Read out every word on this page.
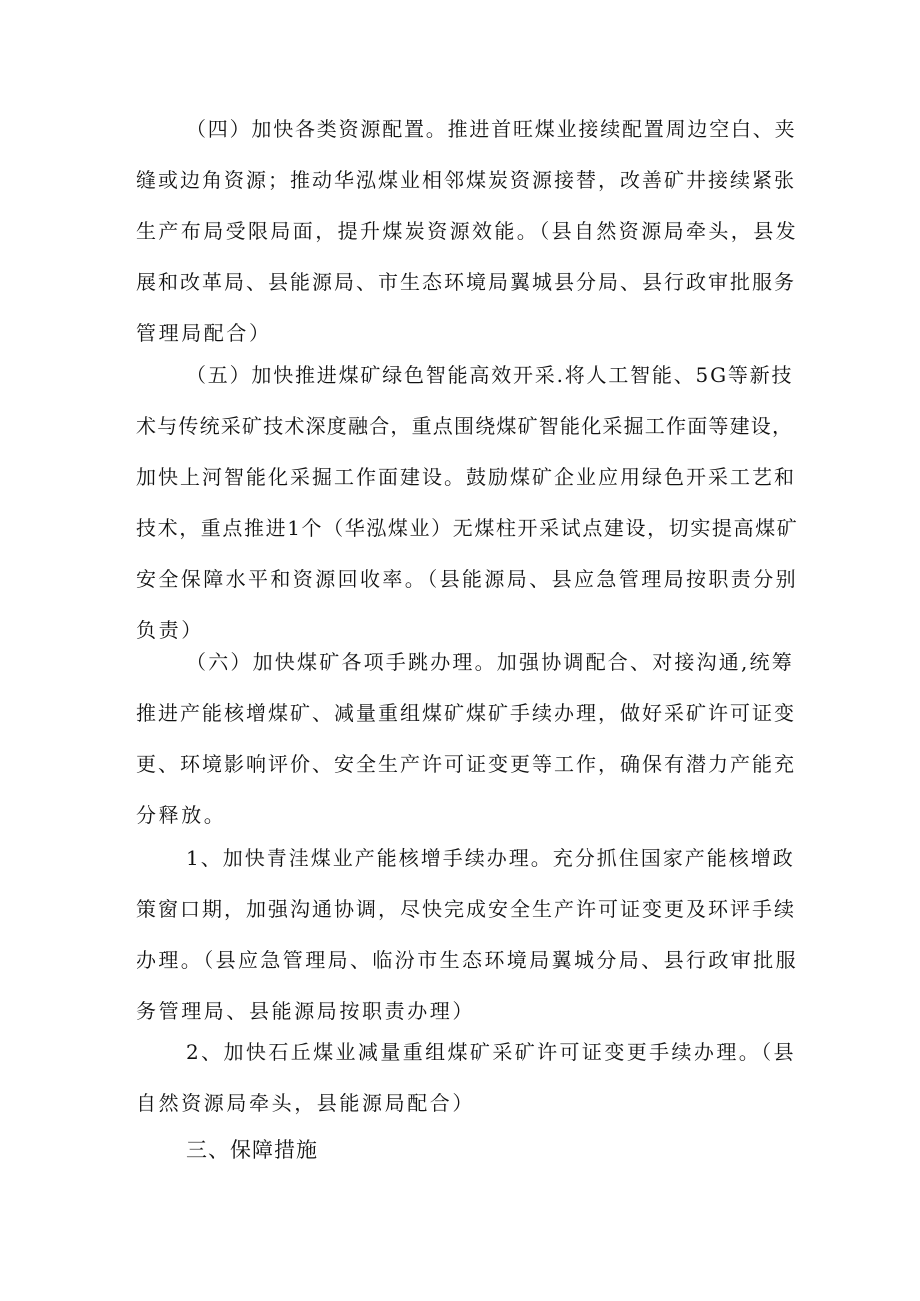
（四）加快各类资源配置。推进首旺煤业接续配置周边空白、夹
缝或边角资源；推动华泓煤业相邻煤炭资源接替，改善矿井接续紧张
生产布局受限局面，提升煤炭资源效能。（县自然资源局牵头，县发
展和改革局、县能源局、市生态环境局翼城县分局、县行政审批服务
管理局配合）
（五）加快推进煤矿绿色智能高效开采.将人工智能、5G等新技
术与传统采矿技术深度融合，重点围绕煤矿智能化采掘工作面等建设，
加快上河智能化采掘工作面建设。鼓励煤矿企业应用绿色开采工艺和
技术，重点推进1个（华泓煤业）无煤柱开采试点建设，切实提高煤矿
安全保障水平和资源回收率。（县能源局、县应急管理局按职责分别
负责）
（六）加快煤矿各项手跳办理。加强协调配合、对接沟通,统筹
推进产能核增煤矿、减量重组煤矿煤矿手续办理，做好采矿许可证变
更、环境影响评价、安全生产许可证变更等工作，确保有潜力产能充
分释放。
1、加快青洼煤业产能核增手续办理。充分抓住国家产能核增政
策窗口期，加强沟通协调，尽快完成安全生产许可证变更及环评手续
办理。（县应急管理局、临汾市生态环境局翼城分局、县行政审批服
务管理局、县能源局按职责办理）
2、加快石丘煤业减量重组煤矿采矿许可证变更手续办理。（县
自然资源局牵头，县能源局配合）
三、保障措施
